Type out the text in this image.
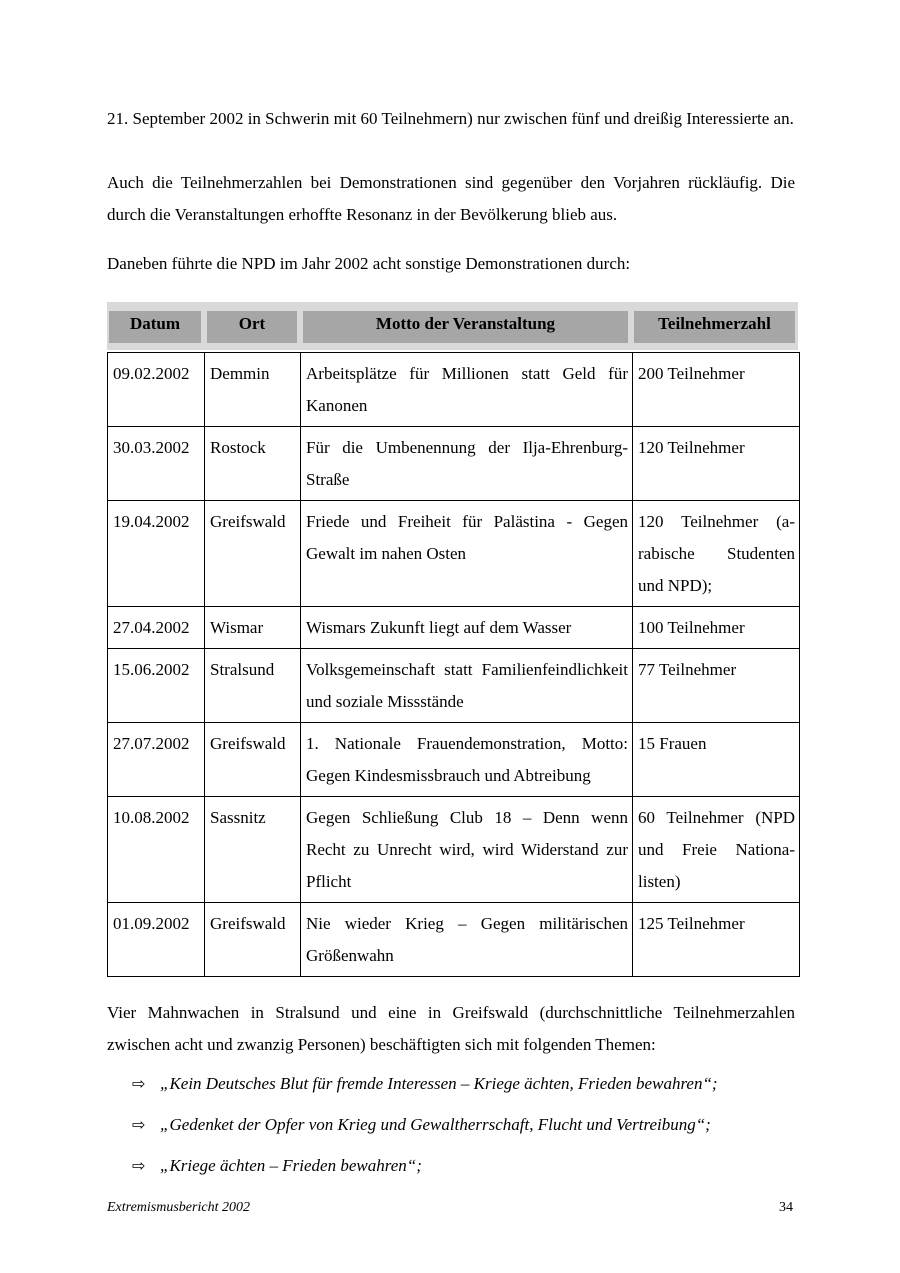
21. September 2002 in Schwerin mit 60 Teilnehmern) nur zwischen fünf und dreißig Interessierte an.

Auch die Teilnehmerzahlen bei Demonstrationen sind gegenüber den Vorjahren rückläufig. Die durch die Veranstaltungen erhoffte Resonanz in der Bevölkerung blieb aus.

Daneben führte die NPD im Jahr 2002 acht sonstige Demonstrationen durch:

Datum	Ort	Motto der Veranstaltung	Teilnehmerzahl
09.02.2002	Demmin	Arbeitsplätze für Millionen statt Geld für Kanonen	200 Teilnehmer
30.03.2002	Rostock	Für die Umbenennung der Ilja-Ehrenburg-Straße	120 Teilnehmer
19.04.2002	Greifswald	Friede und Freiheit für Palästina - Gegen Gewalt im nahen Osten	120 Teilnehmer (arabische Studenten und NPD);
27.04.2002	Wismar	Wismars Zukunft liegt auf dem Wasser	100 Teilnehmer
15.06.2002	Stralsund	Volksgemeinschaft statt Familienfeindlichkeit und soziale Missstände	77 Teilnehmer
27.07.2002	Greifswald	1. Nationale Frauendemonstration, Motto: Gegen Kindesmissbrauch und Abtreibung	15 Frauen
10.08.2002	Sassnitz	Gegen Schließung Club 18 – Denn wenn Recht zu Unrecht wird, wird Widerstand zur Pflicht	60 Teilnehmer (NPD und Freie Nationalisten)
01.09.2002	Greifswald	Nie wieder Krieg – Gegen militärischen Größenwahn	125 Teilnehmer

Vier Mahnwachen in Stralsund und eine in Greifswald (durchschnittliche Teilnehmerzahlen zwischen acht und zwanzig Personen) beschäftigten sich mit folgenden Themen:

⇨ „Kein Deutsches Blut für fremde Interessen – Kriege ächten, Frieden bewahren“;
⇨ „Gedenket der Opfer von Krieg und Gewaltherrschaft, Flucht und Vertreibung“;
⇨ „Kriege ächten – Frieden bewahren“;
Extremismusbericht 2002	34
